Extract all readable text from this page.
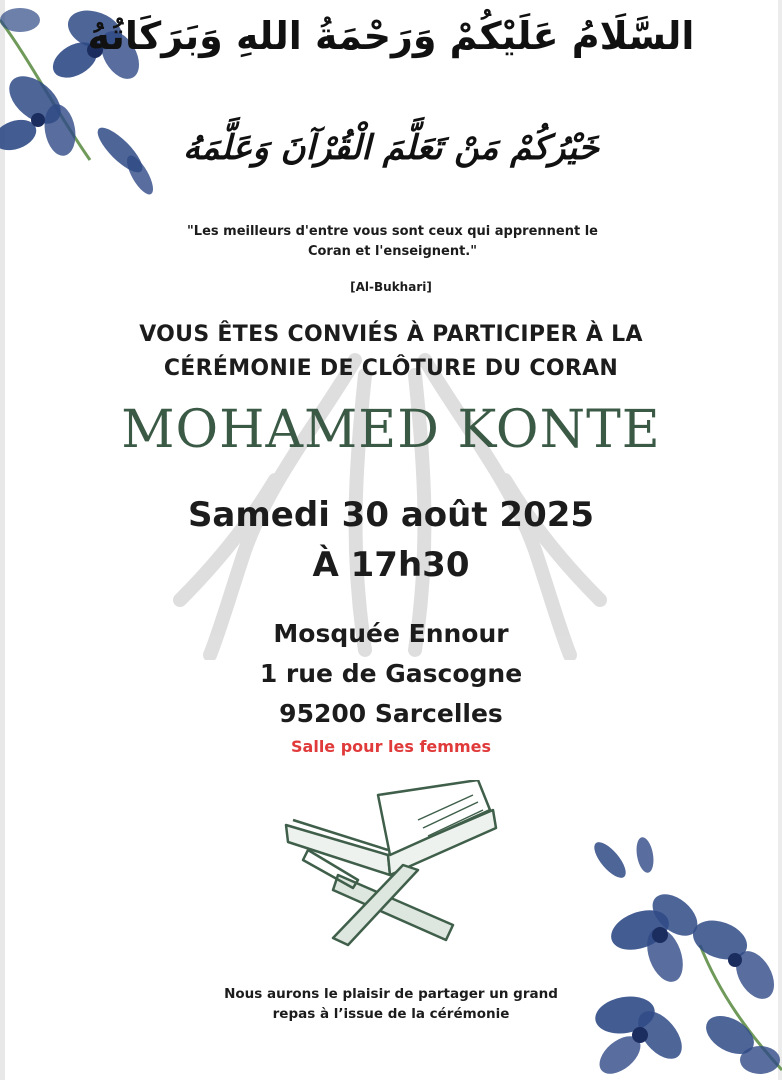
السَّلَامُ عَلَيْكُمْ وَرَحْمَةُ اللهِ وَبَرَكَاتُهُ

خَيْرُكُمْ مَنْ تَعَلَّمَ الْقُرْآنَ وَعَلَّمَهُ

"Les meilleurs d'entre vous sont ceux qui apprennent le Coran et l'enseignent."
[Al-Bukhari]
VOUS ÊTES CONVIÉS À PARTICIPER À LA
CÉRÉMONIE DE CLÔTURE DU CORAN
MOHAMED KONTE
Samedi 30 août 2025
À 17h30
Mosquée Ennour
1 rue de Gascogne
95200 Sarcelles
Salle pour les femmes
Nous aurons le plaisir de partager un grand
repas à l’issue de la cérémonie
